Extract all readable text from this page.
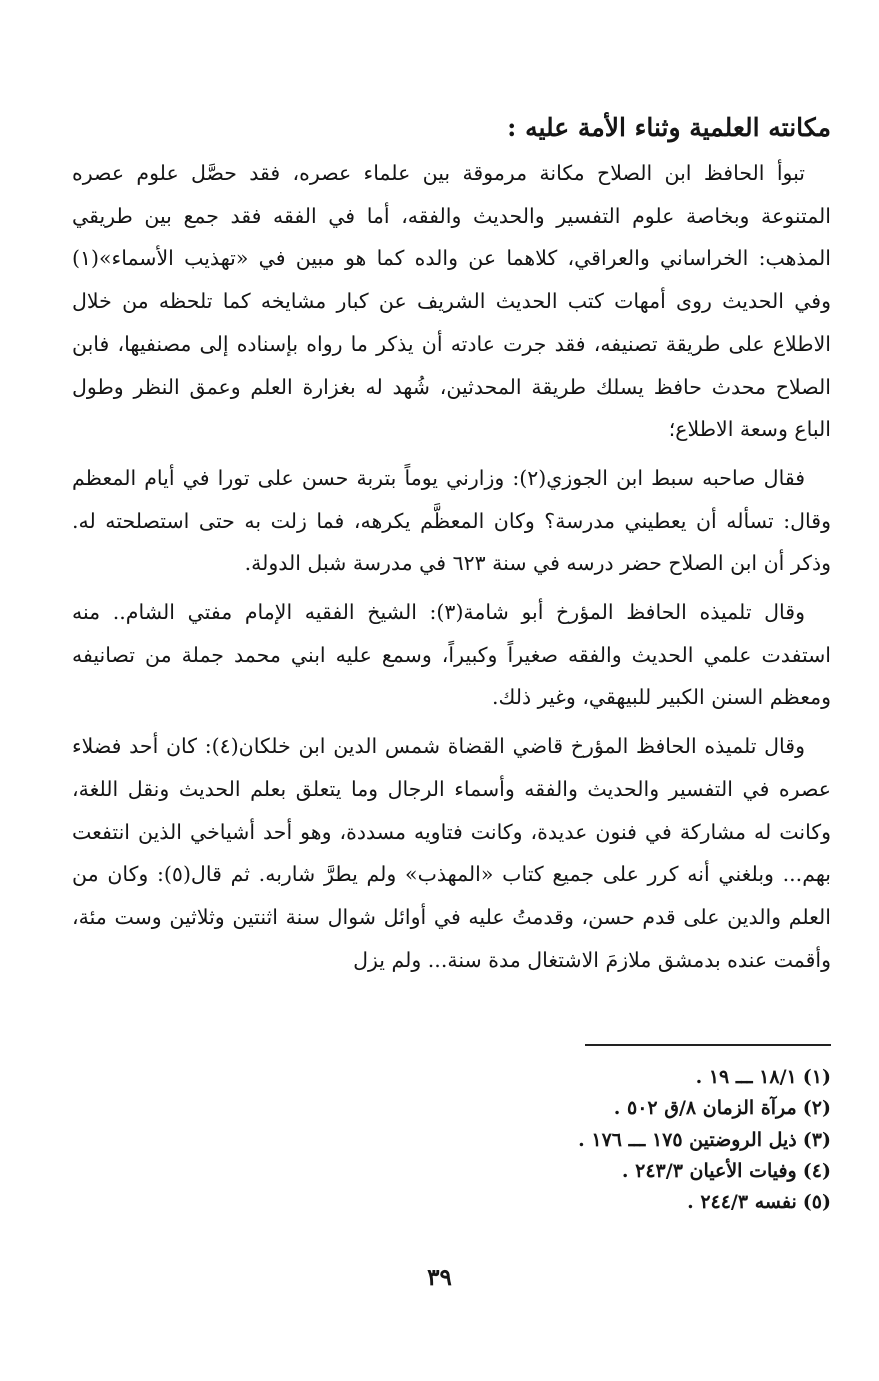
مكانته العلمية وثناء الأمة عليه :

تبوأ الحافظ ابن الصلاح مكانة مرموقة بين علماء عصره، فقد حصَّل علوم عصره المتنوعة وبخاصة علوم التفسير والحديث والفقه، أما في الفقه فقد جمع بين طريقي المذهب: الخراساني والعراقي، كلاهما عن والده كما هو مبين في «تهذيب الأسماء»(١) وفي الحديث روى أمهات كتب الحديث الشريف عن كبار مشايخه كما تلحظه من خلال الاطلاع على طريقة تصنيفه، فقد جرت عادته أن يذكر ما رواه بإسناده إلى مصنفيها، فابن الصلاح محدث حافظ يسلك طريقة المحدثين، شُهد له بغزارة العلم وعمق النظر وطول الباع وسعة الاطلاع؛

فقال صاحبه سبط ابن الجوزي(٢): وزارني يوماً بتربة حسن على تورا في أيام المعظم وقال: تسأله أن يعطيني مدرسة؟ وكان المعظَّم يكرهه، فما زلت به حتى استصلحته له. وذكر أن ابن الصلاح حضر درسه في سنة ٦٢٣ في مدرسة شبل الدولة.

وقال تلميذه الحافظ المؤرخ أبو شامة(٣): الشيخ الفقيه الإمام مفتي الشام.. منه استفدت علمي الحديث والفقه صغيراً وكبيراً، وسمع عليه ابني محمد جملة من تصانيفه ومعظم السنن الكبير للبيهقي، وغير ذلك.

وقال تلميذه الحافظ المؤرخ قاضي القضاة شمس الدين ابن خلكان(٤): كان أحد فضلاء عصره في التفسير والحديث والفقه وأسماء الرجال وما يتعلق بعلم الحديث ونقل اللغة، وكانت له مشاركة في فنون عديدة، وكانت فتاويه مسددة، وهو أحد أشياخي الذين انتفعت بهم... وبلغني أنه كرر على جميع كتاب «المهذب» ولم يطرَّ شاربه. ثم قال(٥): وكان من العلم والدين على قدم حسن، وقدمتُ عليه في أوائل شوال سنة اثنتين وثلاثين وست مئة، وأقمت عنده بدمشق ملازمَ الاشتغال مدة سنة... ولم يزل

(١) ١٨/١ ـــ ١٩ .
(٢) مرآة الزمان ٨/ق ٥٠٢ .
(٣) ذيل الروضتين ١٧٥ ـــ ١٧٦ .
(٤) وفيات الأعيان ٢٤٣/٣ .
(٥) نفسه ٢٤٤/٣ .
٣٩
